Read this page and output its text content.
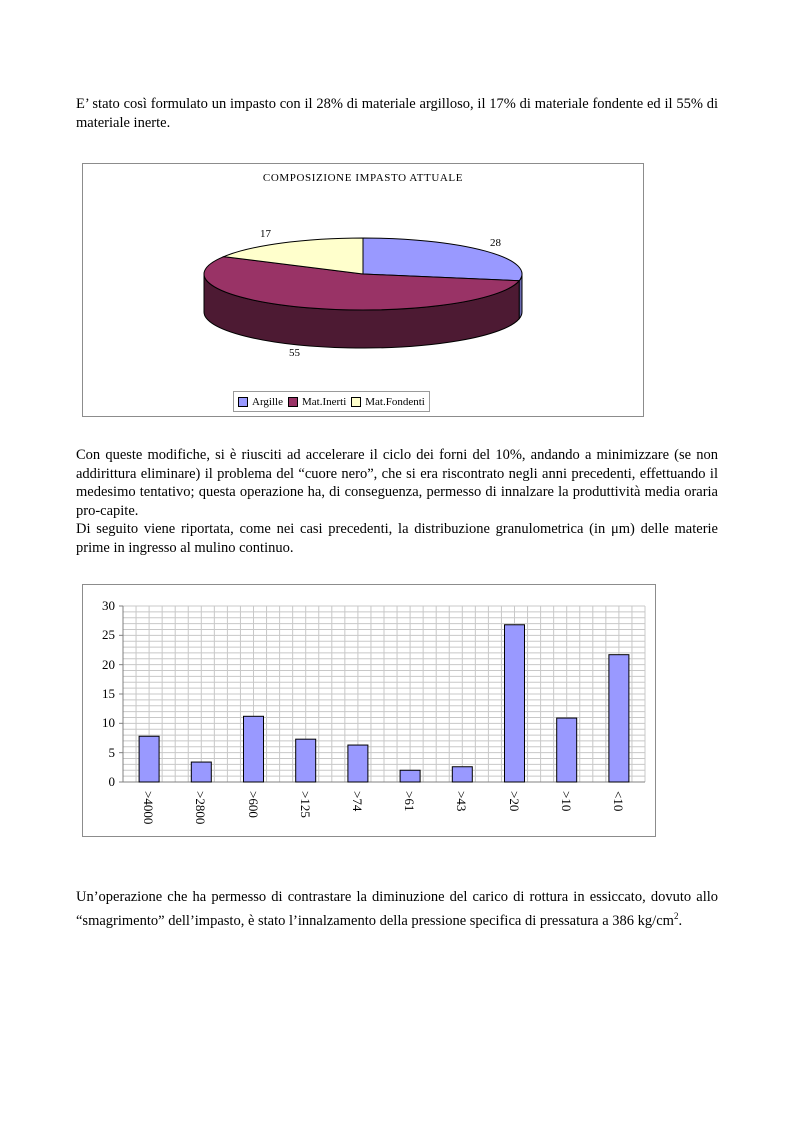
E’ stato così formulato un impasto con il 28% di materiale argilloso, il 17% di materiale fondente ed il 55% di materiale inerte.

COMPOSIZIONE IMPASTO ATTUALE
28
55
17
Argille Mat.Inerti Mat.Fondenti

Con queste modifiche, si è riusciti ad accelerare il ciclo dei forni del 10%, andando a minimizzare (se non addirittura eliminare) il problema del “cuore nero”, che si era riscontrato negli anni precedenti, effettuando il medesimo tentativo; questa operazione ha, di conseguenza, permesso di innalzare la produttività media oraria pro-capite.

Di seguito viene riportata, come nei casi precedenti, la distribuzione granulometrica (in μm) delle materie prime in ingresso al mulino continuo.

0
5
10
15
20
25
30
>4000	>2800	>600	>125	>74	>61	>43	>20	>10	<10

Un’operazione che ha permesso di contrastare la diminuzione del carico di rottura in essiccato, dovuto allo “smagrimento” dell’impasto, è stato l’innalzamento della pressione specifica di pressatura a 386 $kg/cm^2$.
